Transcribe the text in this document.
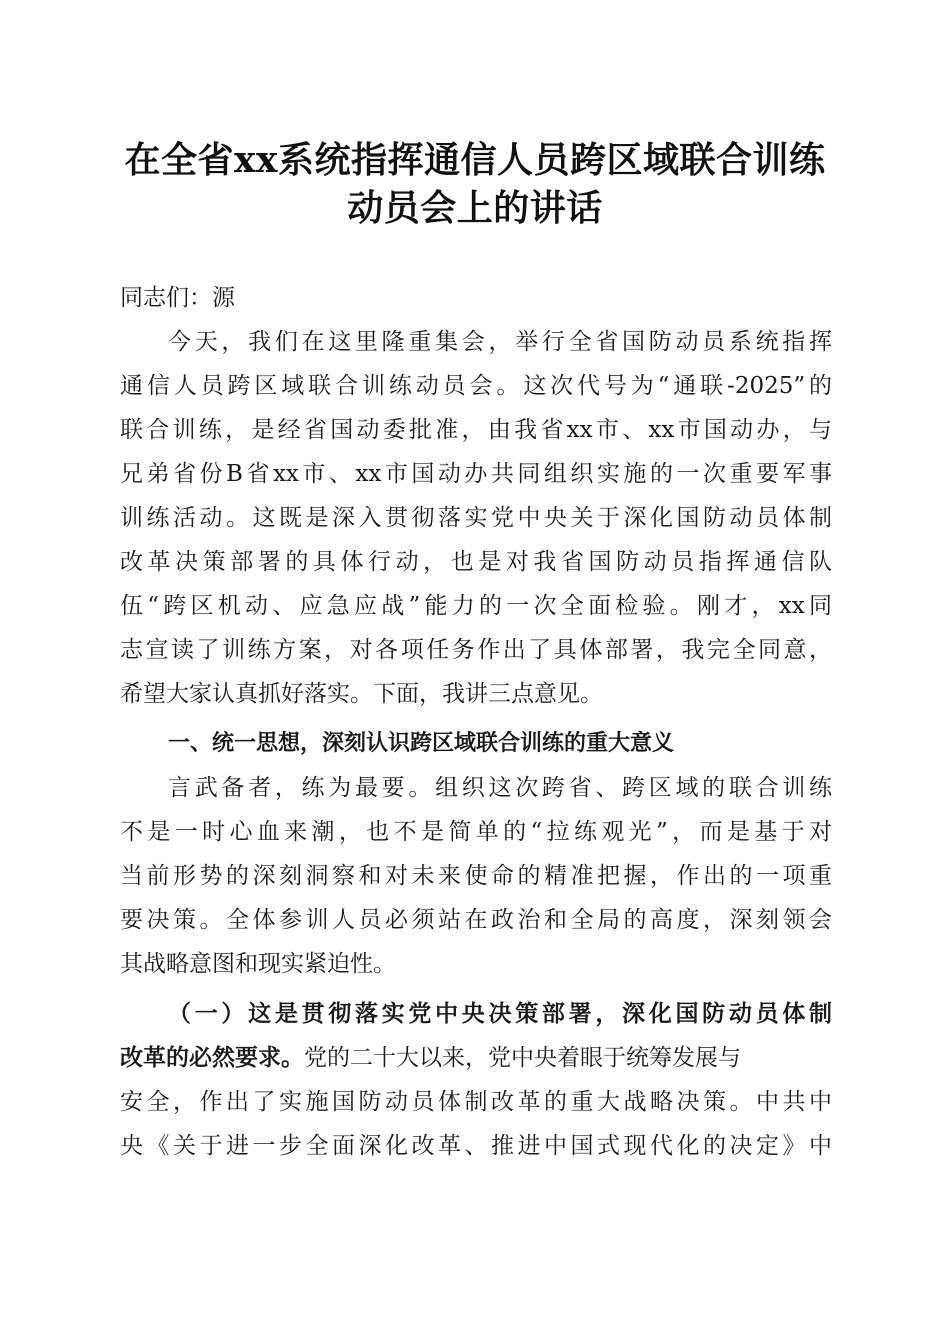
在全省xx系统指挥通信人员跨区域联合训练
动员会上的讲话
同志们：源
今天，我们在这里隆重集会，举行全省国防动员系统指挥
通信人员跨区域联合训练动员会。这次代号为“通联-2025”的
联合训练，是经省国动委批准，由我省xx市、xx市国动办，与
兄弟省份B省xx市、xx市国动办共同组织实施的一次重要军事
训练活动。这既是深入贯彻落实党中央关于深化国防动员体制
改革决策部署的具体行动，也是对我省国防动员指挥通信队
伍“跨区机动、应急应战”能力的一次全面检验。刚才，xx同
志宣读了训练方案，对各项任务作出了具体部署，我完全同意，
希望大家认真抓好落实。下面，我讲三点意见。
一、统一思想，深刻认识跨区域联合训练的重大意义
言武备者，练为最要。组织这次跨省、跨区域的联合训练
不是一时心血来潮，也不是简单的“拉练观光”，而是基于对
当前形势的深刻洞察和对未来使命的精准把握，作出的一项重
要决策。全体参训人员必须站在政治和全局的高度，深刻领会
其战略意图和现实紧迫性。
（一）这是贯彻落实党中央决策部署，深化国防动员体制
改革的必然要求。党的二十大以来，党中央着眼于统筹发展与
安全，作出了实施国防动员体制改革的重大战略决策。中共中
央《关于进一步全面深化改革、推进中国式现代化的决定》中
